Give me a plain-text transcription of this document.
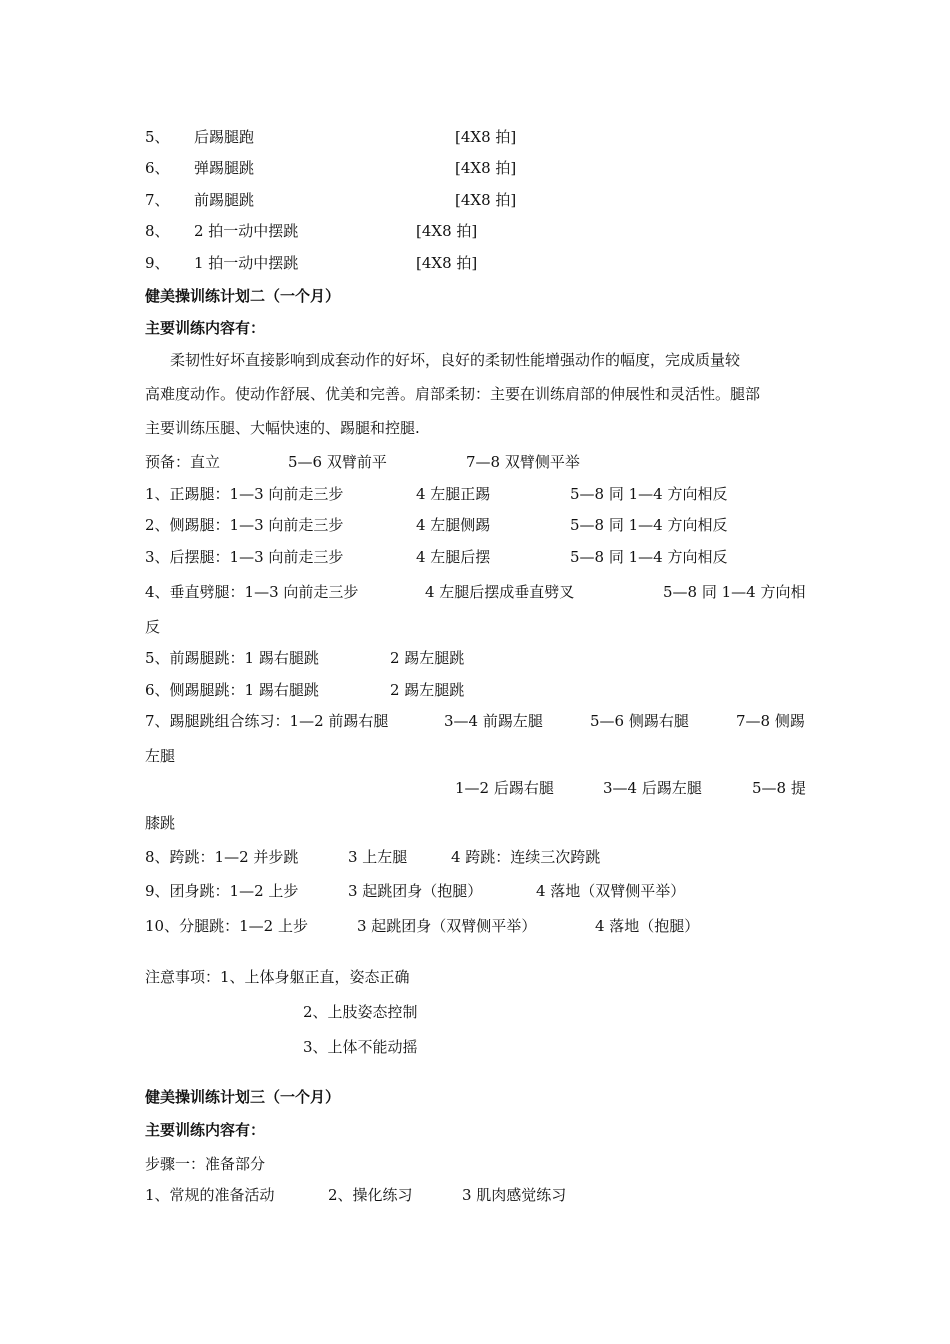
5、 后踢腿跑	[4X8 拍]
6、 弹踢腿跳	[4X8 拍]
7、 前踢腿跳	[4X8 拍]
8、 2 拍一动中摆跳	[4X8 拍]
9、 1 拍一动中摆跳	[4X8 拍]
健美操训练计划二（一个月）
主要训练内容有：
柔韧性好坏直接影响到成套动作的好坏，良好的柔韧性能增强动作的幅度，完成质量较
高难度动作。使动作舒展、优美和完善。肩部柔韧：主要在训练肩部的伸展性和灵活性。腿部
主要训练压腿、大幅快速的、踢腿和控腿.
预备：直立	5—6 双臂前平	7—8 双臂侧平举
1、正踢腿：1—3 向前走三步	4 左腿正踢	5—8 同 1—4 方向相反
2、侧踢腿：1—3 向前走三步	4 左腿侧踢	5—8 同 1—4 方向相反
3、后摆腿：1—3 向前走三步	4 左腿后摆	5—8 同 1—4 方向相反
4、垂直劈腿：1—3 向前走三步	4 左腿后摆成垂直劈叉	5—8 同 1—4 方向相
反
5、前踢腿跳：1 踢右腿跳	2 踢左腿跳
6、侧踢腿跳：1 踢右腿跳	2 踢左腿跳
7、踢腿跳组合练习：1—2 前踢右腿	3—4 前踢左腿	5—6 侧踢右腿	7—8 侧踢
左腿
1—2 后踢右腿	3—4 后踢左腿	5—8 提
膝跳
8、跨跳：1—2 并步跳	3 上左腿	4 跨跳：连续三次跨跳
9、团身跳：1—2 上步	3 起跳团身（抱腿）	4 落地（双臂侧平举）
10、分腿跳：1—2 上步	3 起跳团身（双臂侧平举）	4 落地（抱腿）
注意事项：1、上体身躯正直，姿态正确
2、上肢姿态控制
3、上体不能动摇
健美操训练计划三（一个月）
主要训练内容有：
步骤一：准备部分
1、常规的准备活动	2、操化练习	3 肌肉感觉练习
